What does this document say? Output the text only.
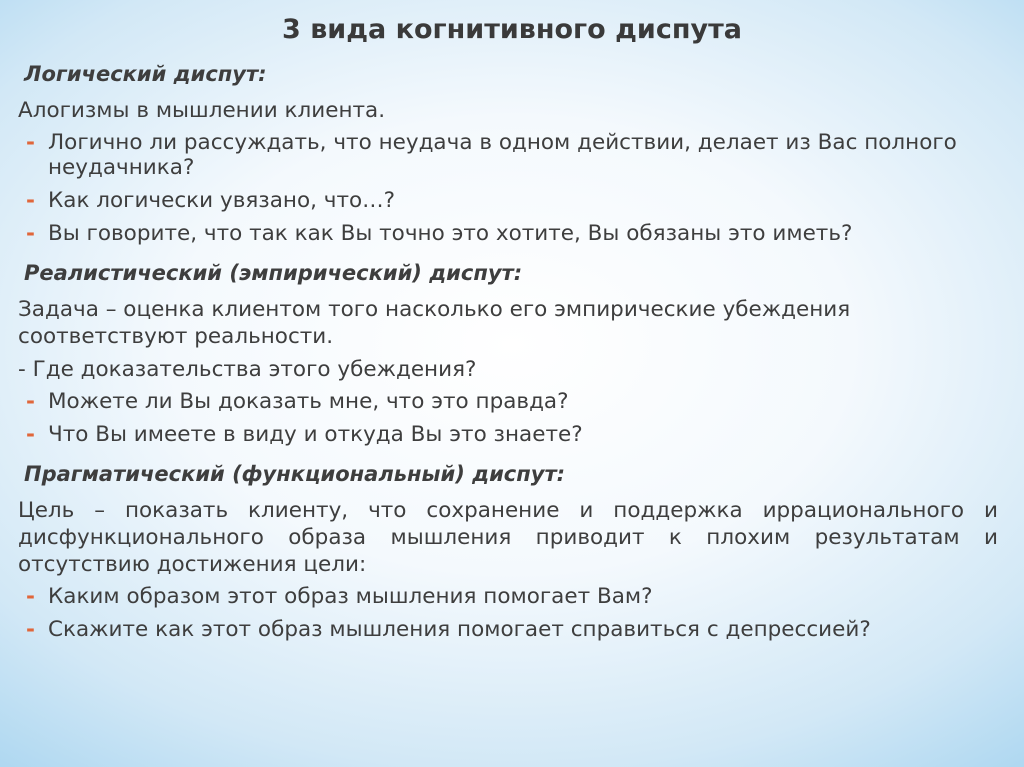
3 вида когнитивного диспута
Логический диспут:
Алогизмы в мышлении клиента.
- Логично ли рассуждать, что неудача в одном действии, делает из Вас полного неудачника?
- Как логически увязано, что…?
- Вы говорите, что так как Вы точно это хотите, Вы обязаны это иметь?
Реалистический (эмпирический) диспут:
Задача – оценка клиентом того насколько его эмпирические убеждения соответствуют реальности.
- Где доказательства этого убеждения?
- Можете ли Вы доказать мне, что это правда?
- Что Вы имеете в виду и откуда Вы это знаете?
Прагматический (функциональный) диспут:
Цель – показать клиенту, что сохранение и поддержка иррационального и дисфункционального образа мышления приводит к плохим результатам и отсутствию достижения цели:
- Каким образом этот образ мышления помогает Вам?
- Скажите как этот образ мышления помогает справиться с депрессией?
